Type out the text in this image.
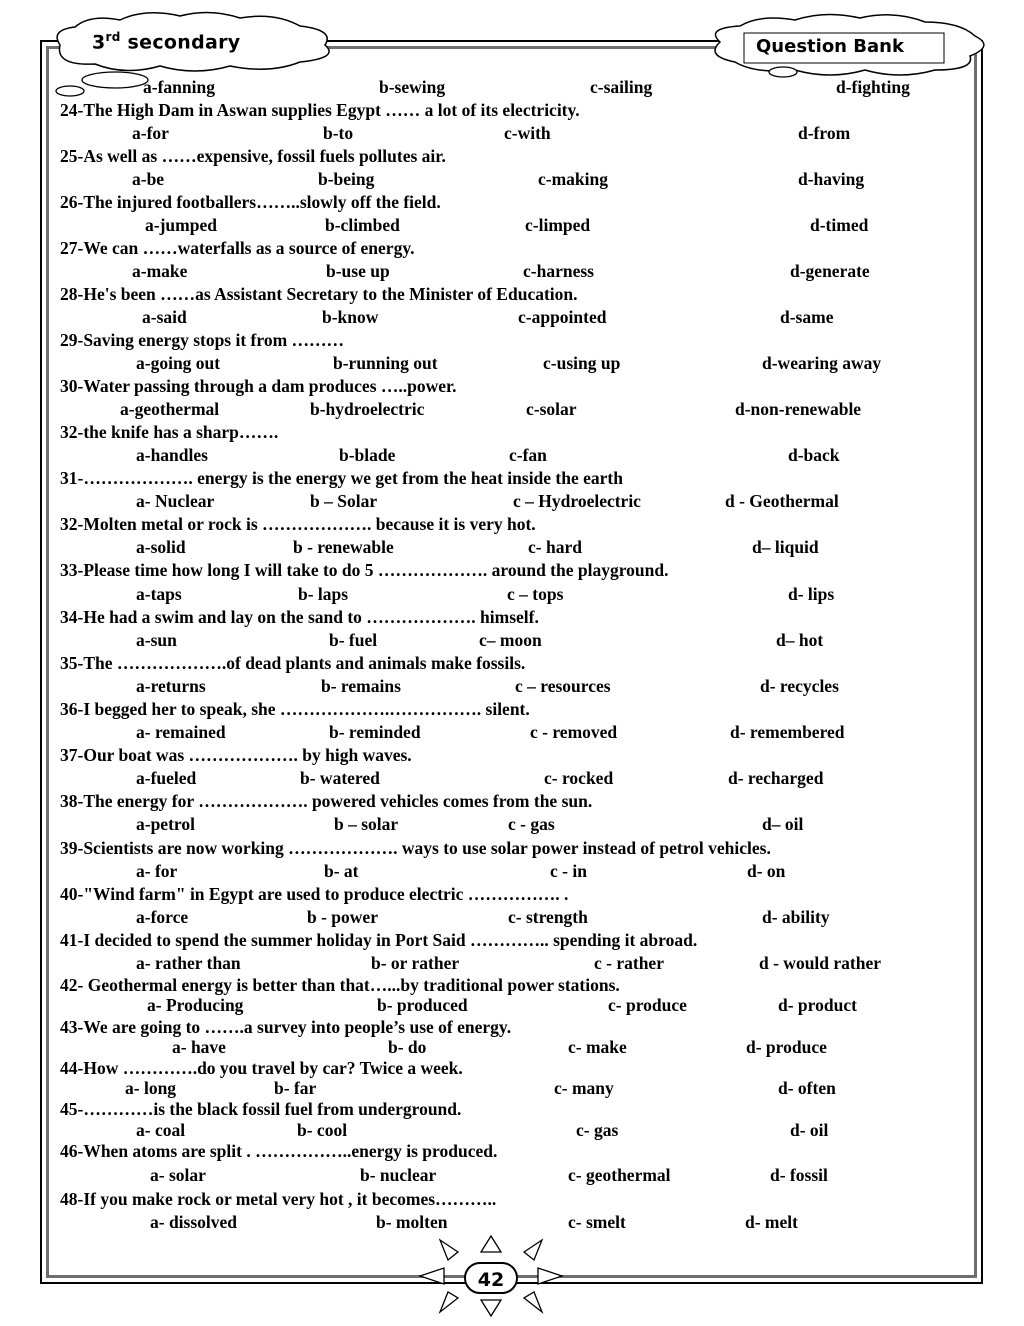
3rd secondary	Question Bank
a-fanning	b-sewing	c-sailing	d-fighting
24-The High Dam in Aswan supplies Egypt …… a lot of its electricity.
a-for	b-to	c-with	d-from
25-As well as ……expensive, fossil fuels pollutes air.
a-be	b-being	c-making	d-having
26-The injured footballers……..slowly off the field.
a-jumped	b-climbed	c-limped	d-timed
27-We can ……waterfalls as a source of energy.
a-make	b-use up	c-harness	d-generate
28-He's been ……as Assistant Secretary to the Minister of Education.
a-said	b-know	c-appointed	d-same
29-Saving energy stops it from ………
a-going out	b-running out	c-using up	d-wearing away
30-Water passing through a dam produces …..power.
a-geothermal	b-hydroelectric	c-solar	d-non-renewable
32-the knife has a sharp…….
a-handles	b-blade	c-fan	d-back
31-………………. energy is the energy we get from the heat inside the earth
a- Nuclear	b – Solar	c – Hydroelectric	d - Geothermal
32-Molten metal or rock is ………………. because it is very hot.
a-solid	b - renewable	c- hard	d– liquid
33-Please time how long I will take to do 5 ………………. around the playground.
a-taps	b- laps	c – tops	d- lips
34-He had a swim and lay on the sand to ………………. himself.
a-sun	b- fuel	c– moon	d– hot
35-The ……………….of dead plants and animals make fossils.
a-returns	b- remains	c – resources	d- recycles
36-I begged her to speak, she ……………….……………. silent.
a- remained	b- reminded	c - removed	d- remembered
37-Our boat was ………………. by high waves.
a-fueled	b- watered	c- rocked	d- recharged
38-The energy for ………………. powered vehicles comes from the sun.
a-petrol	b – solar	c - gas	d– oil
39-Scientists are now working ………………. ways to use solar power instead of petrol vehicles.
a- for	b- at	c - in	d- on
40-"Wind farm" in Egypt are used to produce electric ……………. .
a-force	b - power	c- strength	d- ability
41-I decided to spend the summer holiday in Port Said ………….. spending it abroad.
a- rather than	b- or rather	c - rather	d - would rather
42- Geothermal energy is better than that…...by traditional power stations.
a- Producing	b- produced	c- produce	d- product
43-We are going to …….a survey into people’s use of energy.
a- have	b- do	c- make	d- produce
44-How ………….do you travel by car? Twice a week.
a- long	b- far	c- many	d- often
45-…………is the black fossil fuel from underground.
a- coal	b- cool	c- gas	d- oil
46-When atoms are split . ……………..energy is produced.
a- solar	b- nuclear	c- geothermal	d- fossil
48-If you make rock or metal very hot , it becomes………..
a- dissolved	b- molten	c- smelt	d- melt
42
